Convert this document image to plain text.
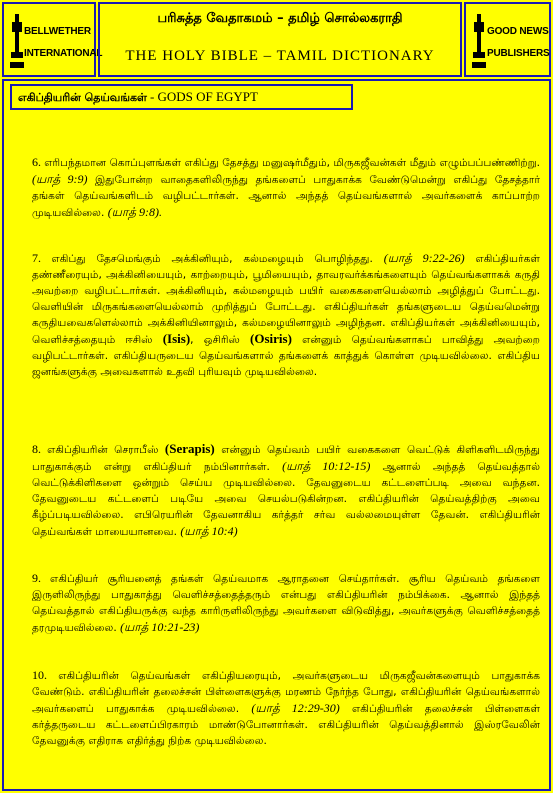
BELLWETHER
INTERNATIONAL
பரிசுத்த வேதாகமம் – தமிழ் சொல்லகராதி
THE HOLY BIBLE – TAMIL DICTIONARY
GOOD NEWS
PUBLISHERS
எகிப்தியரின் தெய்வங்கள் - GODS OF EGYPT
6. எரிபந்தமான கொப்புளங்கள் எகிப்து தேசத்து மனுஷர்மீதும், மிருகஜீவன்கள் மீதும் எழும்பப்பண்ணிற்று. (யாத் 9:9) இதுபோன்ற வாதைகளிலிருந்து தங்களைப் பாதுகாக்க வேண்டுமென்று எகிப்து தேசத்தார் தங்கள் தெய்வங்களிடம் வழிபட்டார்கள். ஆனால் அந்தத் தெய்வங்களால் அவர்களைக் காப்பாற்ற முடியவில்லை. (யாத் 9:8).
7. எகிப்து தேசமெங்கும் அக்கினியும், கல்மழையும் பொழிந்தது. (யாத் 9:22-26) எகிப்தியர்கள் தண்ணீரையும், அக்கினியையும், காற்றையும், பூமியையும், தாவரவர்க்கங்களையும் தெய்வங்களாகக் கருதி அவற்றை வழிபட்டார்கள். அக்கினியும், கல்மழையும் பயிர் வகைகளையெல்லாம் அழித்துப் போட்டது. வெளியின் மிருகங்களையெல்லாம் முறித்துப் போட்டது. எகிப்தியர்கள் தங்களுடைய தெய்வமென்று கருதியவைகளெல்லாம் அக்கினியினாலும், கல்மழையினாலும் அழிந்தன. எகிப்தியர்கள் அக்கினியையும், வெளிச்சத்தையும் ஈசிஸ் (Isis), ஒசிரிஸ் (Osiris) என்னும் தெய்வங்களாகப் பாவித்து அவற்றை வழிபட்டார்கள். எகிப்தியருடைய தெய்வங்களால் தங்களைக் காத்துக் கொள்ள முடியவில்லை. எகிப்திய ஜனங்களுக்கு அவைகளால் உதவி புரியவும் முடியவில்லை.
8. எகிப்தியரின் செராபீஸ் (Serapis) என்னும் தெய்வம் பயிர் வகைகளை வெட்டுக் கிளிகளிடமிருந்து பாதுகாக்கும் என்று எகிப்தியர் நம்பினார்கள். (யாத் 10:12-15) ஆனால் அந்தத் தெய்வத்தால் வெட்டுக்கிளிகளை ஒன்றும் செய்ய முடியவில்லை. தேவனுடைய கட்டளைப்படி அவை வந்தன. தேவனுடைய கட்டளைப் படியே அவை செயல்படுகின்றன. எகிப்தியரின் தெய்வத்திற்கு அவை கீழ்ப்படியவில்லை. எபிரெயரின் தேவனாகிய கர்த்தர் சர்வ வல்லமையுள்ள தேவன். எகிப்தியரின் தெய்வங்கள் மாயையானவை. (யாத் 10:4)
9. எகிப்தியர் சூரியனைத் தங்கள் தெய்வமாக ஆராதனை செய்தார்கள். சூரிய தெய்வம் தங்களை இருளிலிருந்து பாதுகாத்து வெளிச்சத்தைத்தரும் என்பது எகிப்தியரின் நம்பிக்கை. ஆனால் இந்தத் தெய்வத்தால் எகிப்தியருக்கு வந்த காரிருளிலிருந்து அவர்களை விடுவித்து, அவர்களுக்கு வெளிச்சத்தைத் தரமுடியவில்லை. (யாத் 10:21-23)
10. எகிப்தியரின் தெய்வங்கள் எகிப்தியரையும், அவர்களுடைய மிருகஜீவன்களையும் பாதுகாக்க வேண்டும். எகிப்தியரின் தலைச்சன் பிள்ளைகளுக்கு மரணம் நேர்ந்த போது, எகிப்தியரின் தெய்வங்களால் அவர்களைப் பாதுகாக்க முடியவில்லை. (யாத் 12:29-30) எகிப்தியரின் தலைச்சன் பிள்ளைகள் கர்த்தருடைய கட்டளைப்பிரகாரம் மாண்டுபோனார்கள். எகிப்தியரின் தெய்வத்தினால் இஸ்ரவேலின் தேவனுக்கு எதிராக எதிர்த்து நிற்க முடியவில்லை.
